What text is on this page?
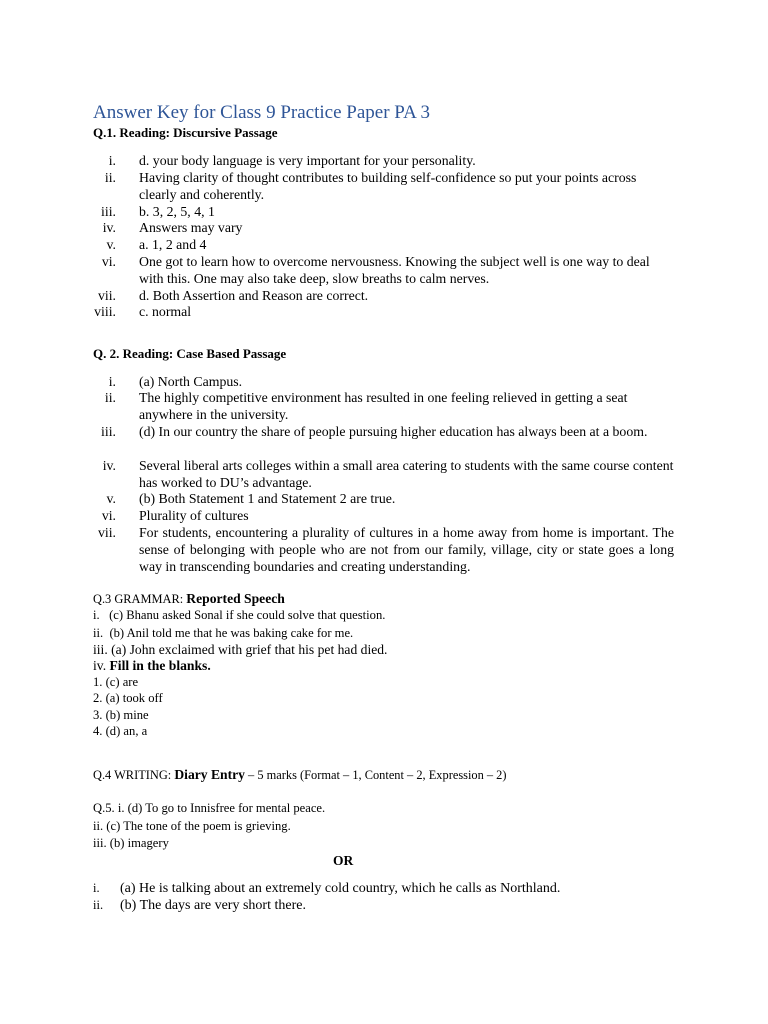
Answer Key for Class 9 Practice Paper PA 3
Q.1. Reading: Discursive Passage
i. d. your body language is very important for your personality.
ii. Having clarity of thought contributes to building self-confidence so put your points across clearly and coherently.
iii. b. 3, 2, 5, 4, 1
iv. Answers may vary
v. a. 1, 2 and 4
vi. One got to learn how to overcome nervousness. Knowing the subject well is one way to deal with this. One may also take deep, slow breaths to calm nerves.
vii. d. Both Assertion and Reason are correct.
viii. c. normal
Q. 2. Reading: Case Based Passage
i. (a) North Campus.
ii. The highly competitive environment has resulted in one feeling relieved in getting a seat anywhere in the university.
iii. (d) In our country the share of people pursuing higher education has always been at a boom.
iv. Several liberal arts colleges within a small area catering to students with the same course content has worked to DU’s advantage.
v. (b) Both Statement 1 and Statement 2 are true.
vi. Plurality of cultures
vii. For students, encountering a plurality of cultures in a home away from home is important. The sense of belonging with people who are not from our family, village, city or state goes a long way in transcending boundaries and creating understanding.
Q.3 GRAMMAR: Reported Speech
i.   (c) Bhanu asked Sonal if she could solve that question.
ii.  (b) Anil told me that he was baking cake for me.
iii. (a) John exclaimed with grief that his pet had died.
iv. Fill in the blanks.
1. (c) are
2. (a) took off
3. (b) mine
4. (d) an, a
Q.4 WRITING: Diary Entry – 5 marks (Format – 1, Content – 2, Expression – 2)
Q.5. i. (d) To go to Innisfree for mental peace.
ii. (c) The tone of the poem is grieving.
iii. (b) imagery
OR
i. (a) He is talking about an extremely cold country, which he calls as Northland.
ii. (b) The days are very short there.
